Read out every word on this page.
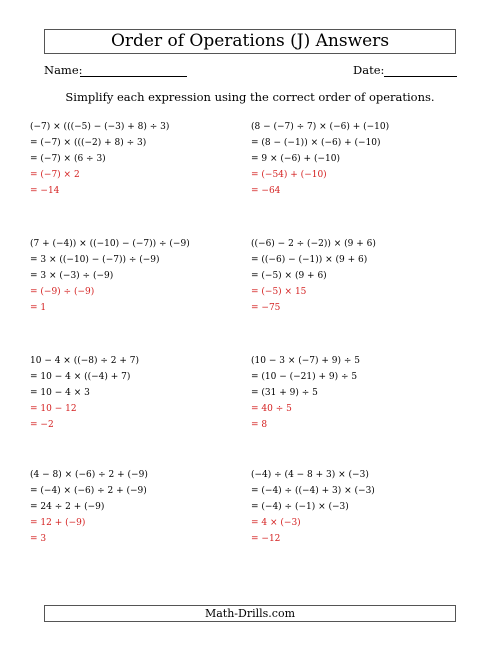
Order of Operations (J) Answers
Name:	Date:
Simplify each expression using the correct order of operations.
(−7) × (((−5) − (−3) + 8) ÷ 3)
= (−7) × (((−2) + 8) ÷ 3)
= (−7) × (6 ÷ 3)
= (−7) × 2
= −14
(8 − (−7) ÷ 7) × (−6) + (−10)
= (8 − (−1)) × (−6) + (−10)
= 9 × (−6) + (−10)
= (−54) + (−10)
= −64
(7 + (−4)) × ((−10) − (−7)) ÷ (−9)
= 3 × ((−10) − (−7)) ÷ (−9)
= 3 × (−3) ÷ (−9)
= (−9) ÷ (−9)
= 1
((−6) − 2 ÷ (−2)) × (9 + 6)
= ((−6) − (−1)) × (9 + 6)
= (−5) × (9 + 6)
= (−5) × 15
= −75
10 − 4 × ((−8) ÷ 2 + 7)
= 10 − 4 × ((−4) + 7)
= 10 − 4 × 3
= 10 − 12
= −2
(10 − 3 × (−7) + 9) ÷ 5
= (10 − (−21) + 9) ÷ 5
= (31 + 9) ÷ 5
= 40 ÷ 5
= 8
(4 − 8) × (−6) ÷ 2 + (−9)
= (−4) × (−6) ÷ 2 + (−9)
= 24 ÷ 2 + (−9)
= 12 + (−9)
= 3
(−4) ÷ (4 − 8 + 3) × (−3)
= (−4) ÷ ((−4) + 3) × (−3)
= (−4) ÷ (−1) × (−3)
= 4 × (−3)
= −12
Math-Drills.com
